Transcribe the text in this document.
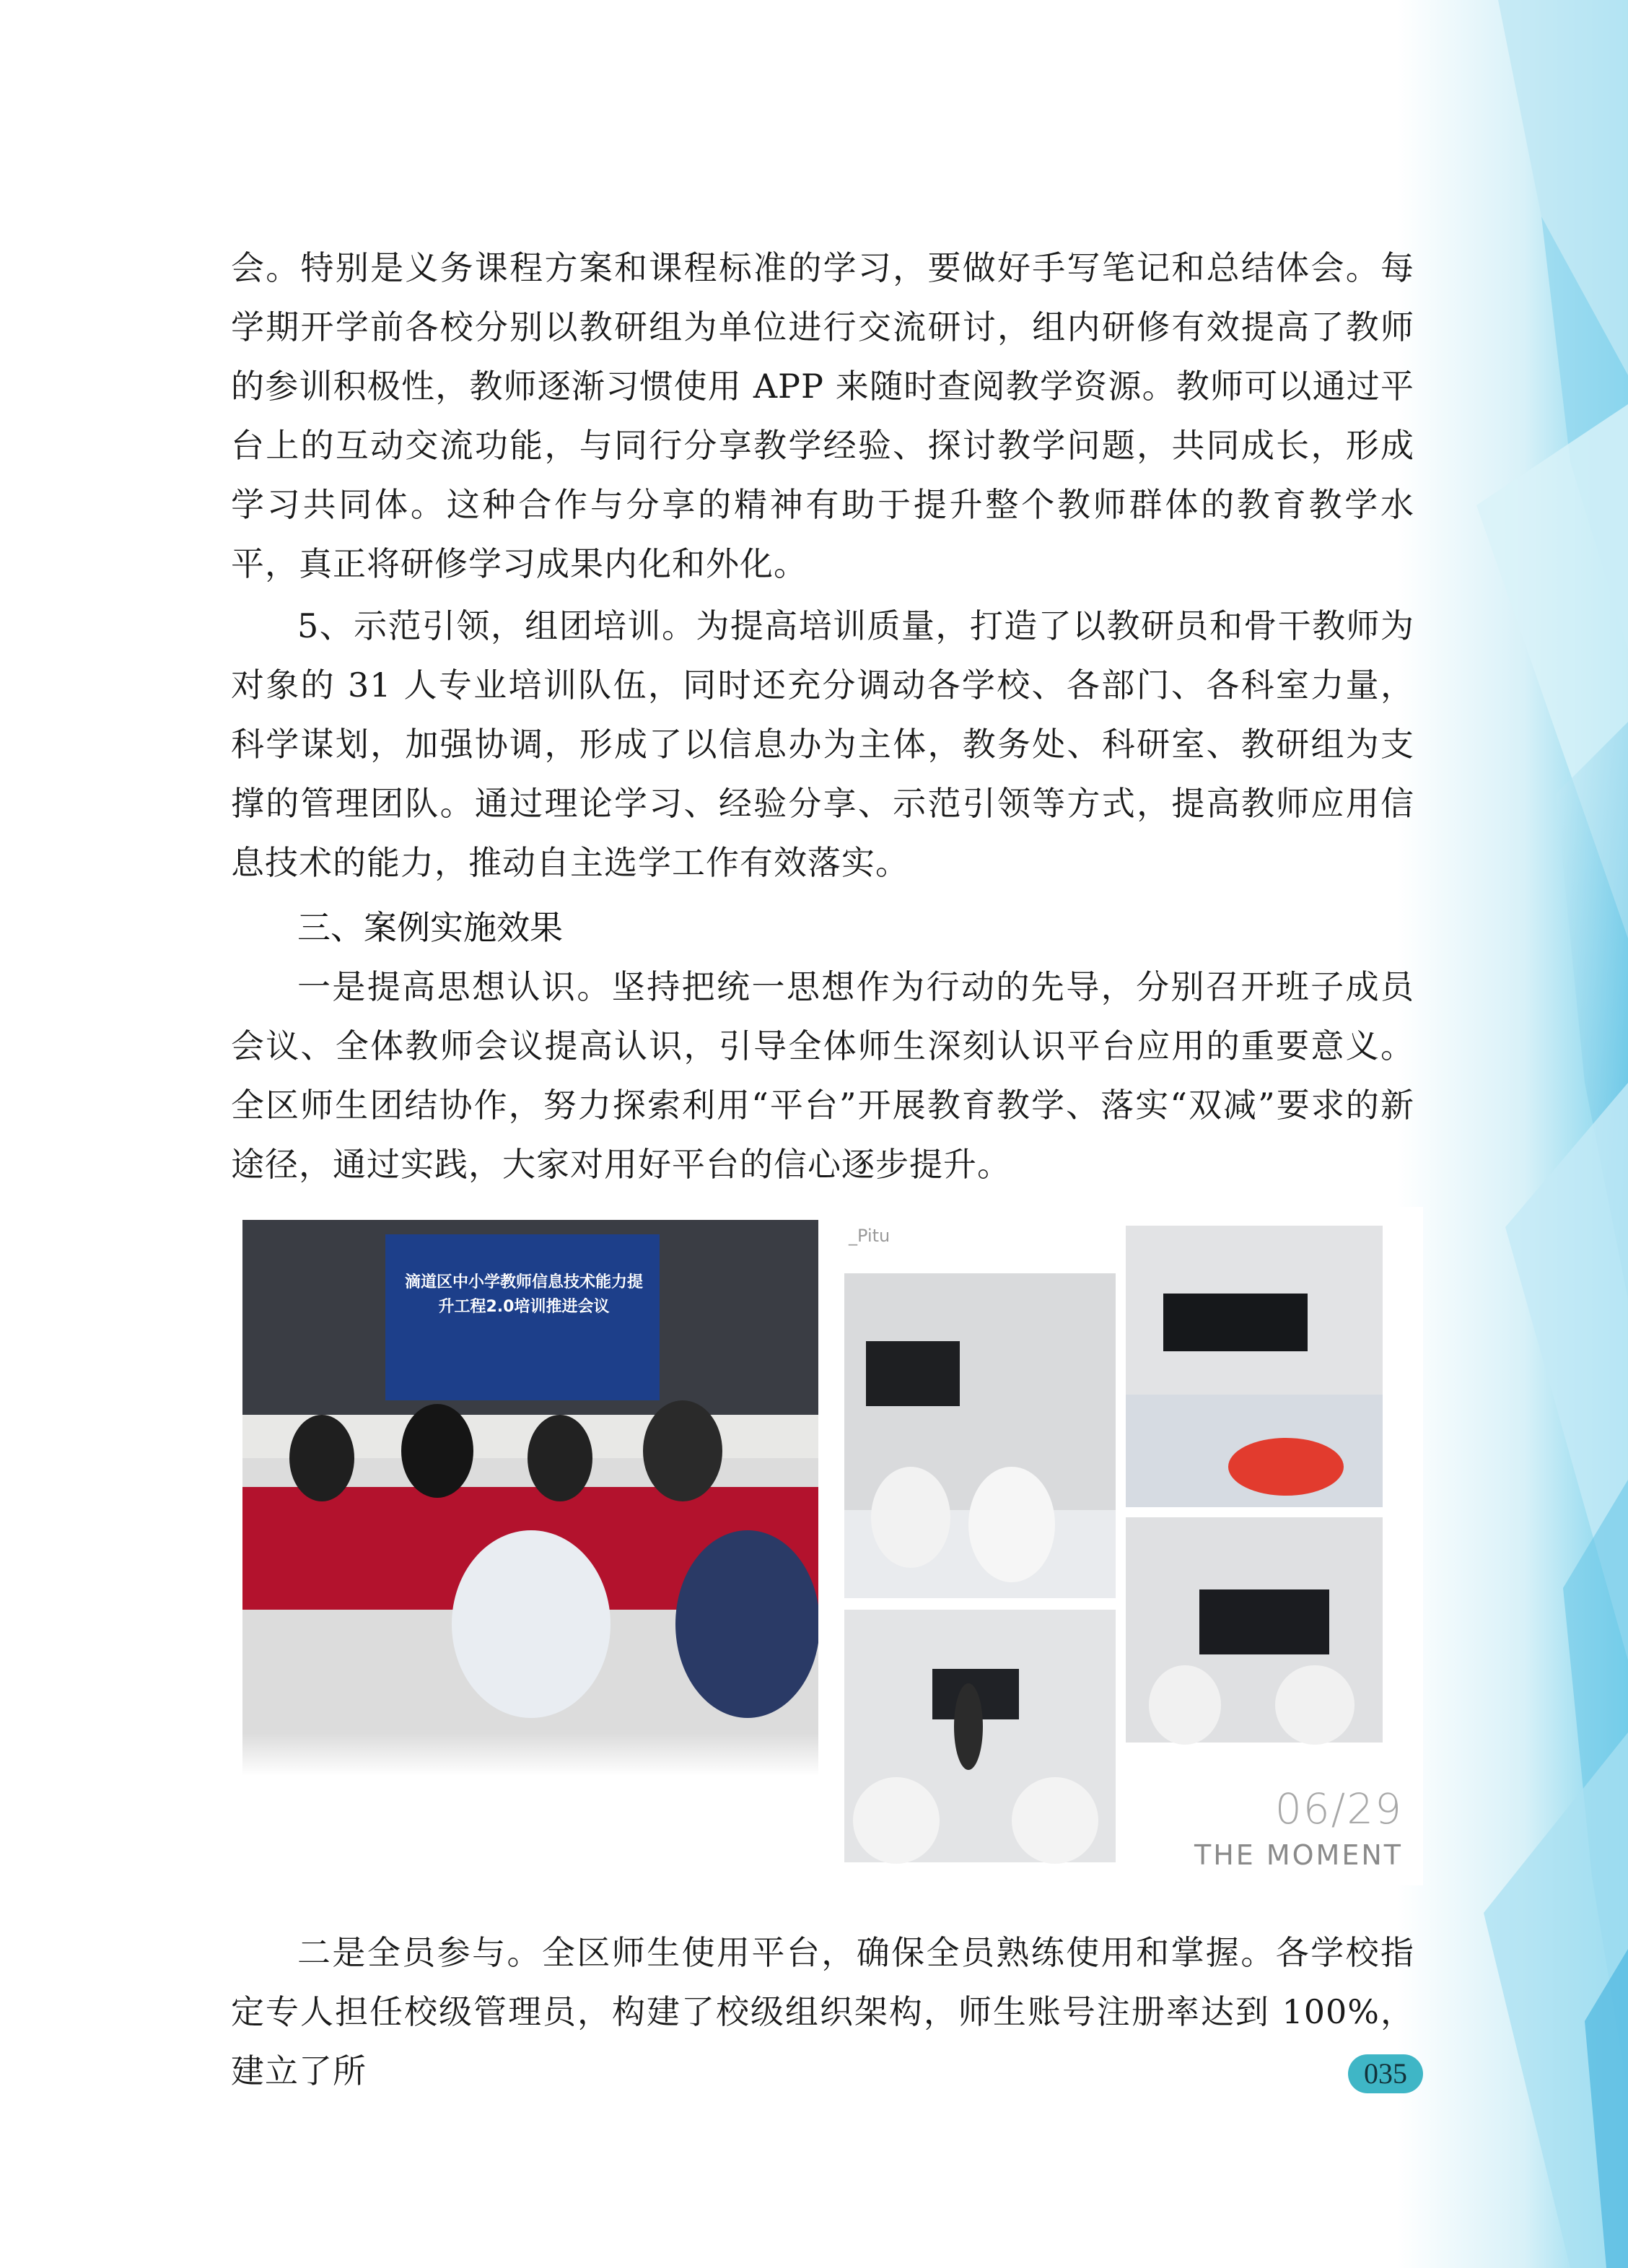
会。特别是义务课程方案和课程标准的学习，要做好手写笔记和总结体会。每学期开学前各校分别以教研组为单位进行交流研讨，组内研修有效提高了教师的参训积极性，教师逐渐习惯使用 APP 来随时查阅教学资源。教师可以通过平台上的互动交流功能，与同行分享教学经验、探讨教学问题，共同成长，形成学习共同体。这种合作与分享的精神有助于提升整个教师群体的教育教学水平，真正将研修学习成果内化和外化。
5、示范引领，组团培训。为提高培训质量，打造了以教研员和骨干教师为对象的 31 人专业培训队伍，同时还充分调动各学校、各部门、各科室力量，科学谋划，加强协调，形成了以信息办为主体，教务处、科研室、教研组为支撑的管理团队。通过理论学习、经验分享、示范引领等方式，提高教师应用信息技术的能力，推动自主选学工作有效落实。
三、案例实施效果
一是提高思想认识。坚持把统一思想作为行动的先导，分别召开班子成员会议、全体教师会议提高认识，引导全体师生深刻认识平台应用的重要意义。全区师生团结协作，努力探索利用“平台”开展教育教学、落实“双减”要求的新途径，通过实践，大家对用好平台的信心逐步提升。
滴道区中小学教师信息技术能力提升工程2.0培训推进会议
_Pitu
06/29
THE MOMENT
二是全员参与。全区师生使用平台，确保全员熟练使用和掌握。各学校指定专人担任校级管理员，构建了校级组织架构，师生账号注册率达到 100%，建立了所	035
